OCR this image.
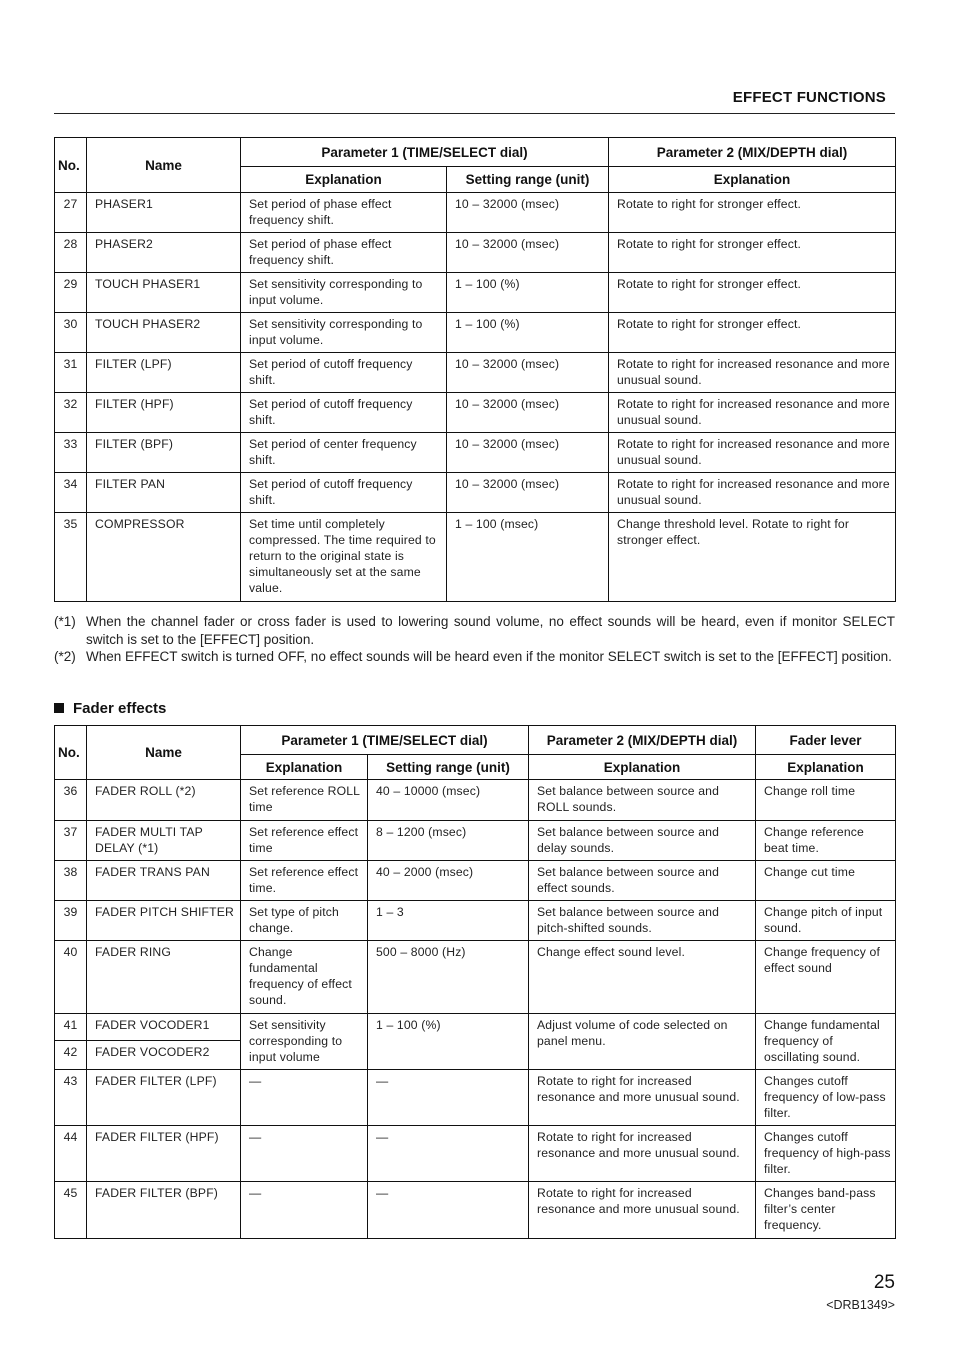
EFFECT FUNCTIONS
No.	Name	Parameter 1 (TIME/SELECT dial)		Parameter 2 (MIX/DEPTH dial)
		Explanation	Setting range (unit)	Explanation
27	PHASER1	Set period of phase effect frequency shift.	10 – 32000 (msec)	Rotate to right for stronger effect.
28	PHASER2	Set period of phase effect frequency shift.	10 – 32000 (msec)	Rotate to right for stronger effect.
29	TOUCH PHASER1	Set sensitivity corresponding to input volume.	1 – 100 (%)	Rotate to right for stronger effect.
30	TOUCH PHASER2	Set sensitivity corresponding to input volume.	1 – 100 (%)	Rotate to right for stronger effect.
31	FILTER (LPF)	Set period of cutoff frequency shift.	10 – 32000 (msec)	Rotate to right for increased resonance and more unusual sound.
32	FILTER (HPF)	Set period of cutoff frequency shift.	10 – 32000 (msec)	Rotate to right for increased resonance and more unusual sound.
33	FILTER (BPF)	Set period of center frequency shift.	10 – 32000 (msec)	Rotate to right for increased resonance and more unusual sound.
34	FILTER PAN	Set period of cutoff frequency shift.	10 – 32000 (msec)	Rotate to right for increased resonance and more unusual sound.
35	COMPRESSOR	Set time until completely compressed. The time required to return to the original state is simultaneously set at the same value.	1 – 100 (msec)	Change threshold level. Rotate to right for stronger effect.
(*1) When the channel fader or cross fader is used to lowering sound volume, no effect sounds will be heard, even if monitor SELECT switch is set to the [EFFECT] position.
(*2) When EFFECT switch is turned OFF, no effect sounds will be heard even if the monitor SELECT switch is set to the [EFFECT] position.
Fader effects
No.	Name	Parameter 1 (TIME/SELECT dial)		Parameter 2 (MIX/DEPTH dial)	Fader lever
		Explanation	Setting range (unit)	Explanation	Explanation
36	FADER ROLL (*2)	Set reference ROLL time	40 – 10000 (msec)	Set balance between source and ROLL sounds.	Change roll time
37	FADER MULTI TAP DELAY (*1)	Set reference effect time	8 – 1200 (msec)	Set balance between source and delay sounds.	Change reference beat time.
38	FADER TRANS PAN	Set reference effect time.	40 – 2000 (msec)	Set balance between source and effect sounds.	Change cut time
39	FADER PITCH SHIFTER	Set type of pitch change.	1 – 3	Set balance between source and pitch-shifted sounds.	Change pitch of input sound.
40	FADER RING	Change fundamental frequency of effect sound.	500 – 8000 (Hz)	Change effect sound level.	Change frequency of effect sound
41	FADER VOCODER1	Set sensitivity corresponding to input volume	1 – 100 (%)	Adjust volume of code selected on panel menu.	Change fundamental frequency of oscillating sound.
42	FADER VOCODER2				
43	FADER FILTER (LPF)	—	—	Rotate to right for increased resonance and more unusual sound.	Changes cutoff frequency of low-pass filter.
44	FADER FILTER (HPF)	—	—	Rotate to right for increased resonance and more unusual sound.	Changes cutoff frequency of high-pass filter.
45	FADER FILTER (BPF)	—	—	Rotate to right for increased resonance and more unusual sound.	Changes band-pass filter’s center frequency.
25
<DRB1349>
